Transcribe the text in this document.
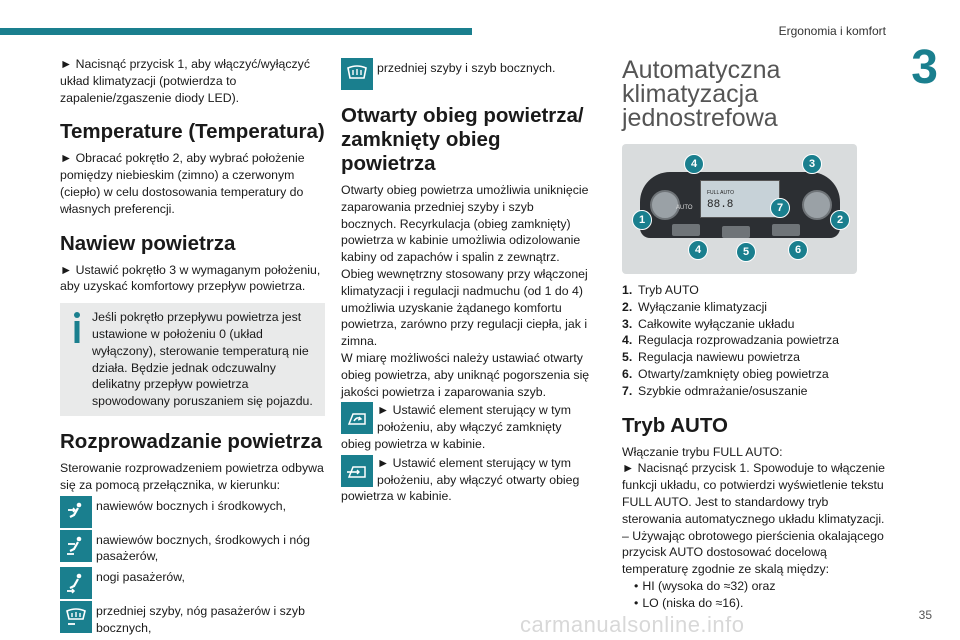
Ergonomia i komfort
3

► Nacisnąć przycisk 1, aby włączyć/wyłączyć układ klimatyzacji (potwierdza to zapalenie/zgaszenie diody LED).

Temperature (Temperatura)

► Obracać pokrętło 2, aby wybrać położenie pomiędzy niebieskim (zimno) a czerwonym (ciepło) w celu dostosowania temperatury do własnych preferencji.

Nawiew powietrza

► Ustawić pokrętło 3 w wymaganym położeniu, aby uzyskać komfortowy przepływ powietrza.

Jeśli pokrętło przepływu powietrza jest ustawione w położeniu 0 (układ wyłączony), sterowanie temperaturą nie działa. Będzie jednak odczuwalny delikatny przepływ powietrza spowodowany poruszaniem się pojazdu.

Rozprowadzanie powietrza

Sterowanie rozprowadzeniem powietrza odbywa się za pomocą przełącznika, w kierunku:

nawiewów bocznych i środkowych,
nawiewów bocznych, środkowych i nóg pasażerów,
nogi pasażerów,
przedniej szyby, nóg pasażerów i szyb bocznych,
przedniej szyby i szyb bocznych.
Otwarty obieg powietrza/ zamknięty obieg powietrza

Otwarty obieg powietrza umożliwia uniknięcie zaparowania przedniej szyby i szyb bocznych. Recyrkulacja (obieg zamknięty) powietrza w kabinie umożliwia odizolowanie kabiny od zapachów i spalin z zewnątrz.

Obieg wewnętrzny stosowany przy włączonej klimatyzacji i regulacji nadmuchu (od 1 do 4) umożliwia uzyskanie żądanego komfortu powietrza, zarówno przy regulacji ciepła, jak i zimna.

W miarę możliwości należy ustawiać otwarty obieg powietrza, aby uniknąć pogorszenia się jakości powietrza i zaparowania szyb.

► Ustawić element sterujący w tym położeniu, aby włączyć zamknięty obieg powietrza w kabinie.
► Ustawić element sterujący w tym położeniu, aby włączyć otwarty obieg powietrza w kabinie.
Automatyczna
klimatyzacja
jednostrefowa
FULL AUTO
88.8
AUTO
1	2
3
4
4	5	6
7
1. Tryb AUTO
2. Wyłączanie klimatyzacji
3. Całkowite wyłączanie układu
4. Regulacja rozprowadzania powietrza
5. Regulacja nawiewu powietrza
6. Otwarty/zamknięty obieg powietrza
7. Szybkie odmrażanie/osuszanie
Tryb AUTO

Włączanie trybu FULL AUTO:

► Nacisnąć przycisk 1. Spowoduje to włączenie funkcji układu, co potwierdzi wyświetlenie tekstu FULL AUTO. Jest to standardowy tryb sterowania automatycznego układu klimatyzacji.

– Używając obrotowego pierścienia okalającego przycisk AUTO dostosować docelową temperaturę zgodnie ze skalą między:

• HI (wysoka do ≈32) oraz
• LO (niska do ≈16).
carmanualsonline.info	35
